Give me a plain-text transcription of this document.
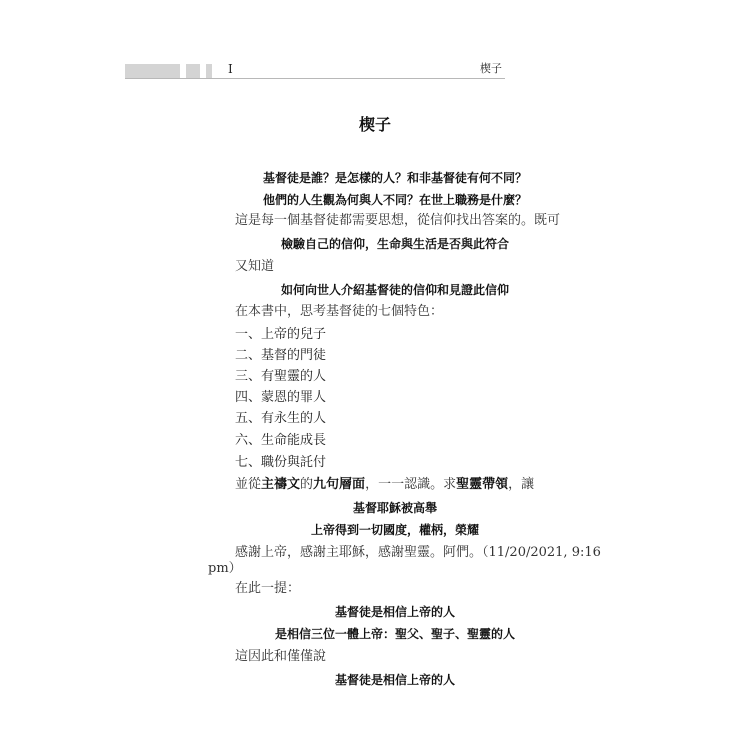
I	楔子
楔子
基督徒是誰？是怎樣的人？和非基督徒有何不同？
他們的人生觀為何與人不同？在世上職務是什麼？
這是每一個基督徒都需要思想，從信仰找出答案的。既可
檢驗自己的信仰，生命與生活是否與此符合
又知道
如何向世人介紹基督徒的信仰和見證此信仰
在本書中，思考基督徒的七個特色：
一、上帝的兒子
二、基督的門徒
三、有聖靈的人
四、蒙恩的罪人
五、有永生的人
六、生命能成長
七、職份與託付
並從主禱文的九句層面，一一認識。求聖靈帶領，讓
基督耶穌被高舉
上帝得到一切國度，權柄，榮耀
感謝上帝，感謝主耶穌，感謝聖靈。阿們。（11/20/2021, 9:16
pm）
在此一提：
基督徒是相信上帝的人
是相信三位一體上帝：聖父、聖子、聖靈的人
這因此和僅僅說
基督徒是相信上帝的人
